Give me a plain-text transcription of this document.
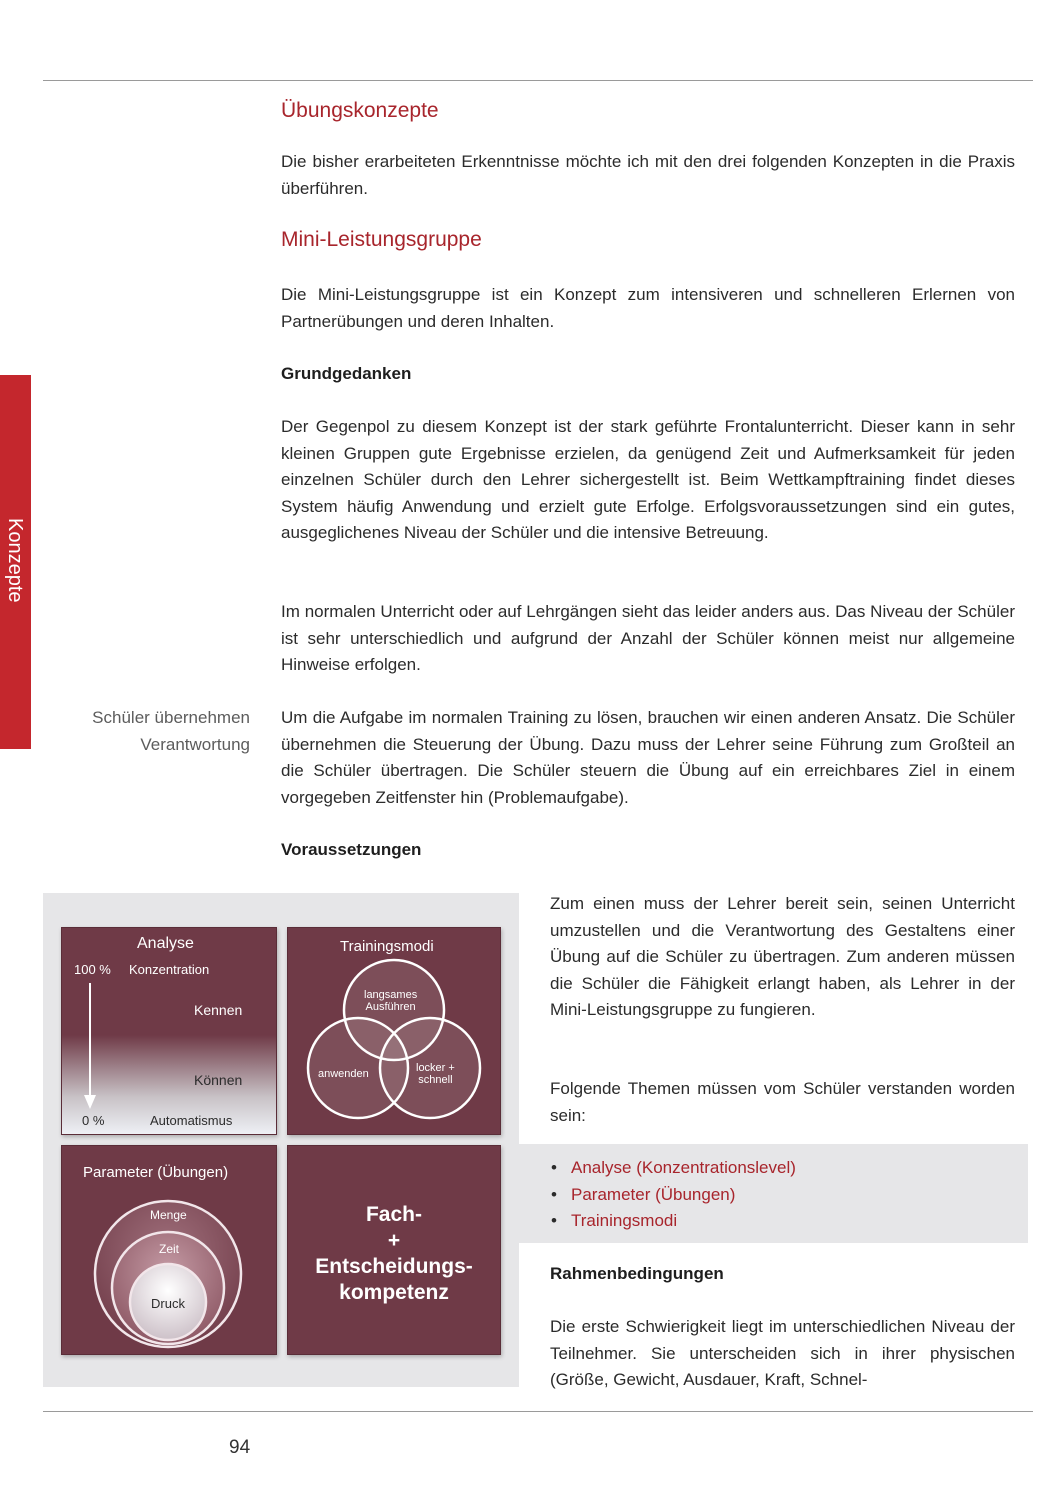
Konzepte
Übungskonzepte

Die bisher erarbeiteten Erkenntnisse möchte ich mit den drei folgenden Konzepten in die Praxis überführen.

Mini-Leistungsgruppe

Die Mini-Leistungsgruppe ist ein Konzept zum intensiveren und schnelleren Erlernen von Partnerübungen und deren Inhalten.

Grundgedanken

Der Gegenpol zu diesem Konzept ist der stark geführte Frontalunterricht. Dieser kann in sehr kleinen Gruppen gute Ergebnisse erzielen, da genügend Zeit und Aufmerksamkeit für jeden einzelnen Schüler durch den Lehrer sichergestellt ist. Beim Wettkampftraining findet dieses System häufig Anwendung und erzielt gute Erfolge. Erfolgsvoraussetzungen sind ein gutes, ausgeglichenes Niveau der Schüler und die intensive Betreuung.

Im normalen Unterricht oder auf Lehrgängen sieht das leider anders aus. Das Niveau der Schüler ist sehr unterschiedlich und aufgrund der Anzahl der Schüler können meist nur allgemeine Hinweise erfolgen.

Schüler übernehmen Verantwortung

Um die Aufgabe im normalen Training zu lösen, brauchen wir einen anderen Ansatz. Die Schüler übernehmen die Steuerung der Übung. Dazu muss der Lehrer seine Führung zum Großteil an die Schüler übertragen. Die Schüler steuern die Übung auf ein erreichbares Ziel in einem vorgegeben Zeitfenster hin (Problemaufgabe).

Voraussetzungen
Analyse
100 % Konzentration
Kennen
Können
0 %	Automatismus
Trainingsmodi
langsames
Ausführen
anwenden	locker +
schnell
Parameter (Übungen)
Menge
Zeit
Druck
Fach-
+
Entscheidungs-
kompetenz

Zum einen muss der Lehrer bereit sein, seinen Unterricht umzustellen und die Verantwortung des Gestaltens einer Übung auf die Schüler zu übertragen. Zum anderen müssen die Schüler die Fähigkeit erlangt haben, als Lehrer in der Mini-Leistungsgruppe zu fungieren.

Folgende Themen müssen vom Schüler verstanden worden sein:

• Analyse (Konzentrationslevel)
• Parameter (Übungen)
• Trainingsmodi
Rahmenbedingungen

Die erste Schwierigkeit liegt im unterschiedlichen Niveau der Teilnehmer. Sie unterscheiden sich in ihrer physischen (Größe, Gewicht, Ausdauer, Kraft, Schnel-

94
